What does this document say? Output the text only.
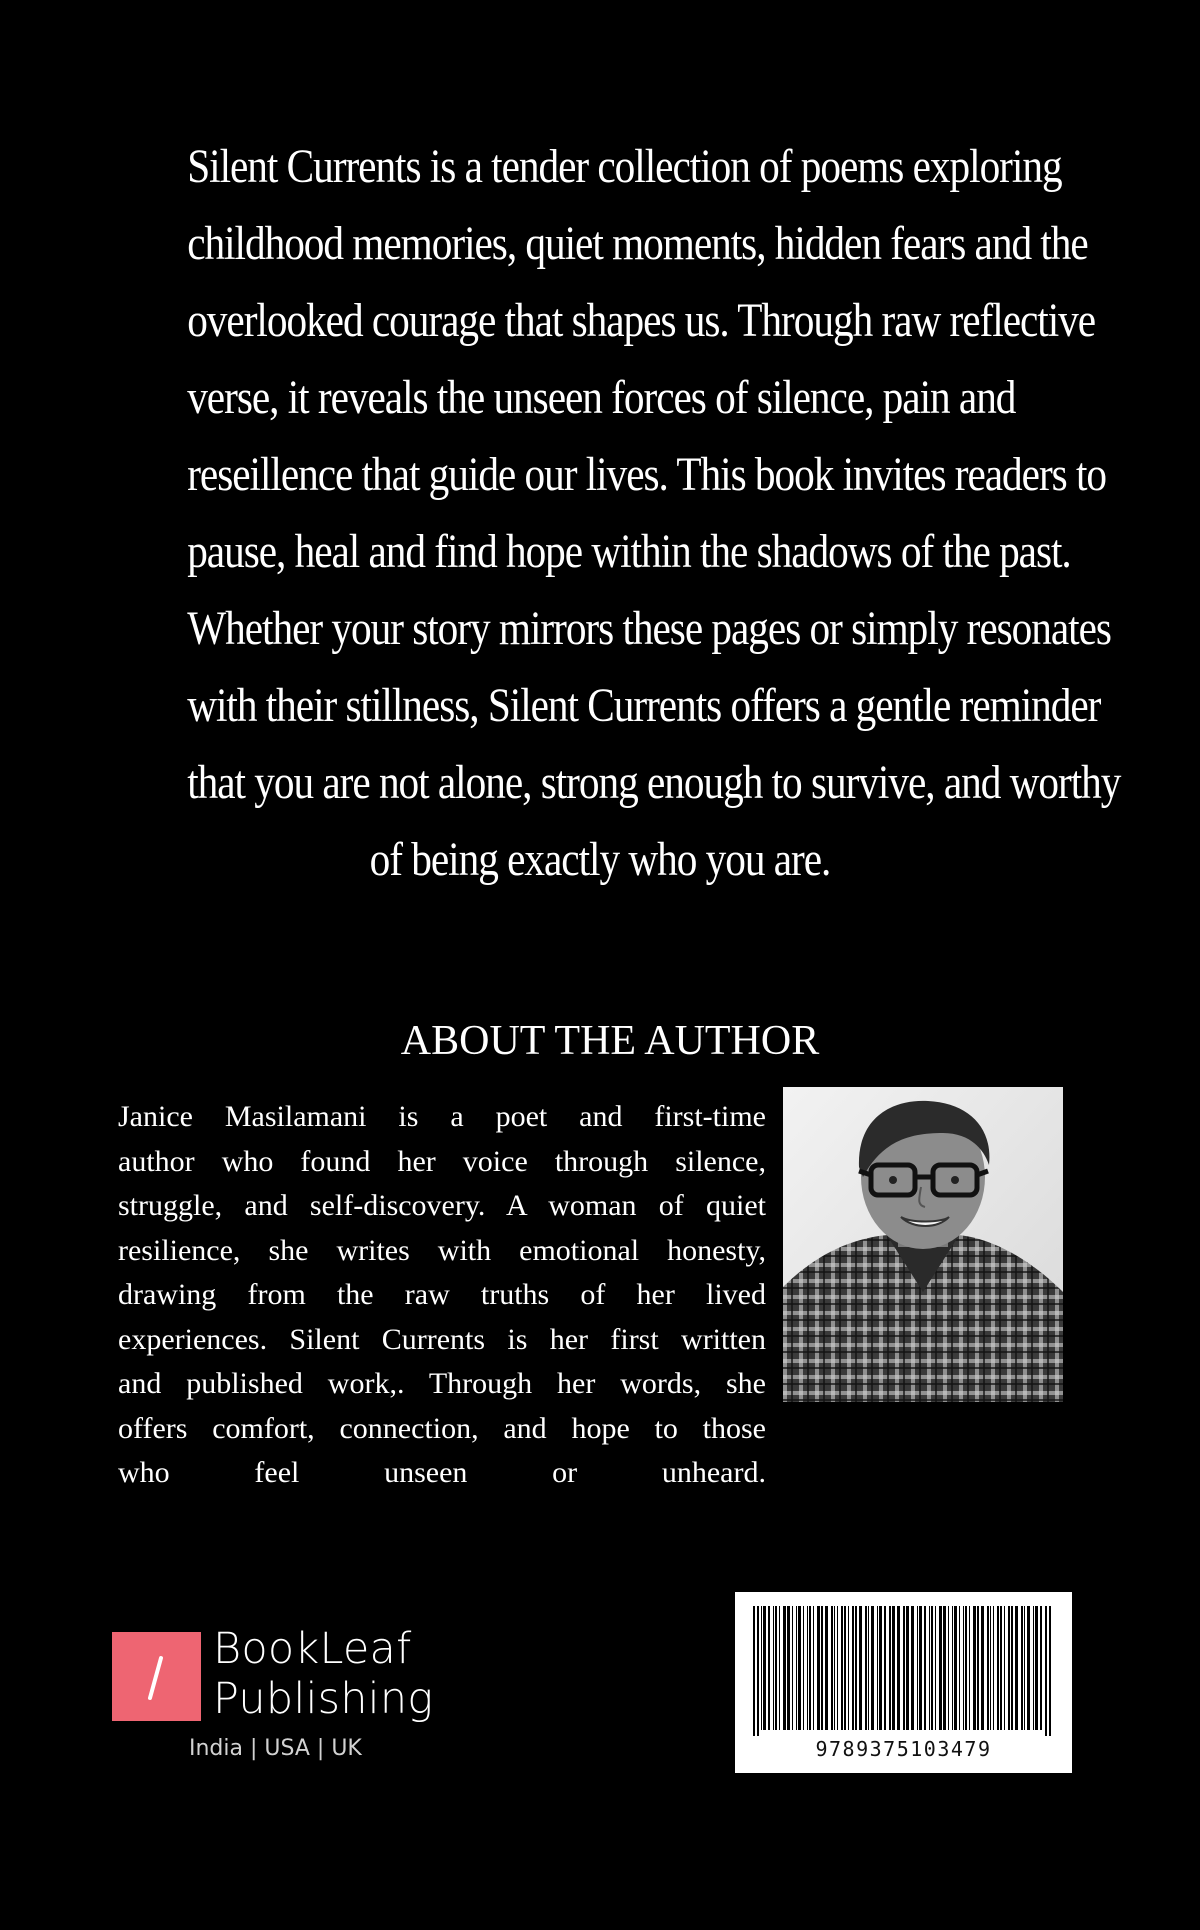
Silent Currents is a tender collection of poems exploring
childhood memories, quiet moments, hidden fears and the
overlooked courage that shapes us. Through raw reflective
verse, it reveals the unseen forces of silence, pain and
reseillence that guide our lives. This book invites readers to
pause, heal and find hope within the shadows of the past.
Whether your story mirrors these pages or simply resonates
with their stillness, Silent Currents offers a gentle reminder
that you are not alone, strong enough to survive, and worthy
of being exactly who you are.
ABOUT THE AUTHOR
Janice Masilamani is a poet and first-time
author who found her voice through silence,
struggle, and self-discovery. A woman of quiet
resilience, she writes with emotional honesty,
drawing from the raw truths of her lived
experiences. Silent Currents is her first written
and published work,. Through her words, she
offers comfort, connection, and hope to those
who feel unseen or unheard.
BookLeaf
Publishing
India | USA | UK	9789375103479
